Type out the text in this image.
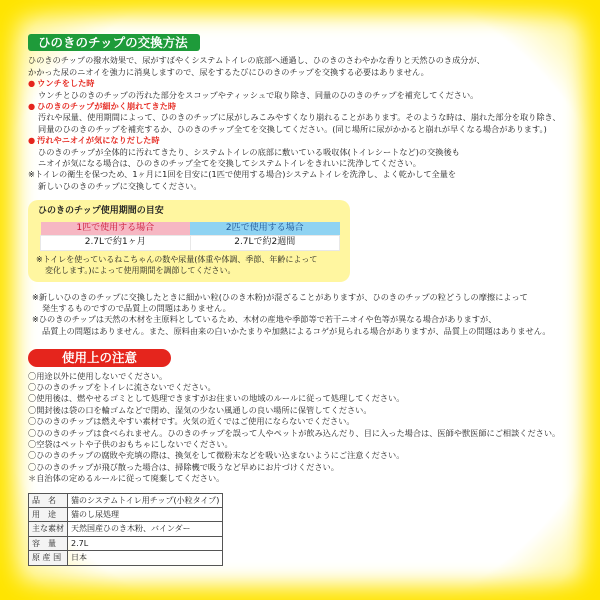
ひのきのチップの交換方法

ひのきのチップの撥水効果で、尿がすばやくシステムトイレの底部へ通過し、ひのきのさわやかな香りと天然ひのき成分が、

かかった尿のニオイを強力に消臭しますので、尿をするたびにひのきのチップを交換する必要はありません。

● ウンチをした時

ウンチとひのきのチップの汚れた部分をスコップやティッシュで取り除き、同量のひのきのチップを補充してください。

● ひのきのチップが細かく崩れてきた時

汚れや尿量、使用期間によって、ひのきのチップに尿がしみこみやすくなり崩れることがあります。そのような時は、崩れた部分を取り除き、

同量のひのきのチップを補充するか、ひのきのチップ全てを交換してください。(同じ場所に尿がかかると崩れが早くなる場合があります。)

● 汚れやニオイが気になりだした時

ひのきのチップが全体的に汚れてきたり、システムトイレの底部に敷いている吸収体(トイレシートなど)の交換後も

ニオイが気になる場合は、ひのきのチップ全てを交換してシステムトイレをきれいに洗浄してください。

※トイレの衛生を保つため、1ヶ月に1回を目安に(1匹で使用する場合)システムトイレを洗浄し、よく乾かして全量を

新しいひのきのチップに交換してください。

ひのきのチップ使用期間の目安
1匹で使用する場合	2匹で使用する場合
2.7Lで約1ヶ月	2.7Lで約2週間

※トイレを使っているねこちゃんの数や尿量(体重や体調、季節、年齢によって

変化します。)によって使用期間を調節してください。

※新しいひのきのチップに交換したときに細かい粒(ひのき木粉)が混ざることがありますが、ひのきのチップの粒どうしの摩擦によって

発生するものですので品質上の問題はありません。

※ひのきのチップは天然の木材を主原料としているため、木材の産地や季節等で若干ニオイや色等が異なる場合がありますが、

品質上の問題はありません。また、原料由来の白いかたまりや加熱によるコゲが見られる場合がありますが、品質上の問題はありません。

使用上の注意

〇用途以外に使用しないでください。

〇ひのきのチップをトイレに流さないでください。

〇使用後は、燃やせるゴミとして処理できますがお住まいの地域のルールに従って処理してください。

〇開封後は袋の口を輪ゴムなどで閉め、湿気の少ない風通しの良い場所に保管してください。

〇ひのきのチップは燃えやすい素材です。火気の近くではご使用にならないでください。

〇ひのきのチップは食べられません。ひのきのチップを誤って人やペットが飲み込んだり、目に入った場合は、医師や獣医師にご相談ください。

〇空袋はペットや子供のおもちゃにしないでください。

〇ひのきのチップの腐敗や充填の際は、換気をして微粉末などを吸い込まないようにご注意ください。

〇ひのきのチップが飛び散った場合は、掃除機で吸うなど早めにお片づけください。

＊自治体の定めるルールに従って廃棄してください。

品　名	猫のシステムトイレ用チップ(小粒タイプ)
用　途	猫のし尿処理
主な素材	天然国産ひのき木粉、バインダー
容　量	2.7L
原 産 国	日本
